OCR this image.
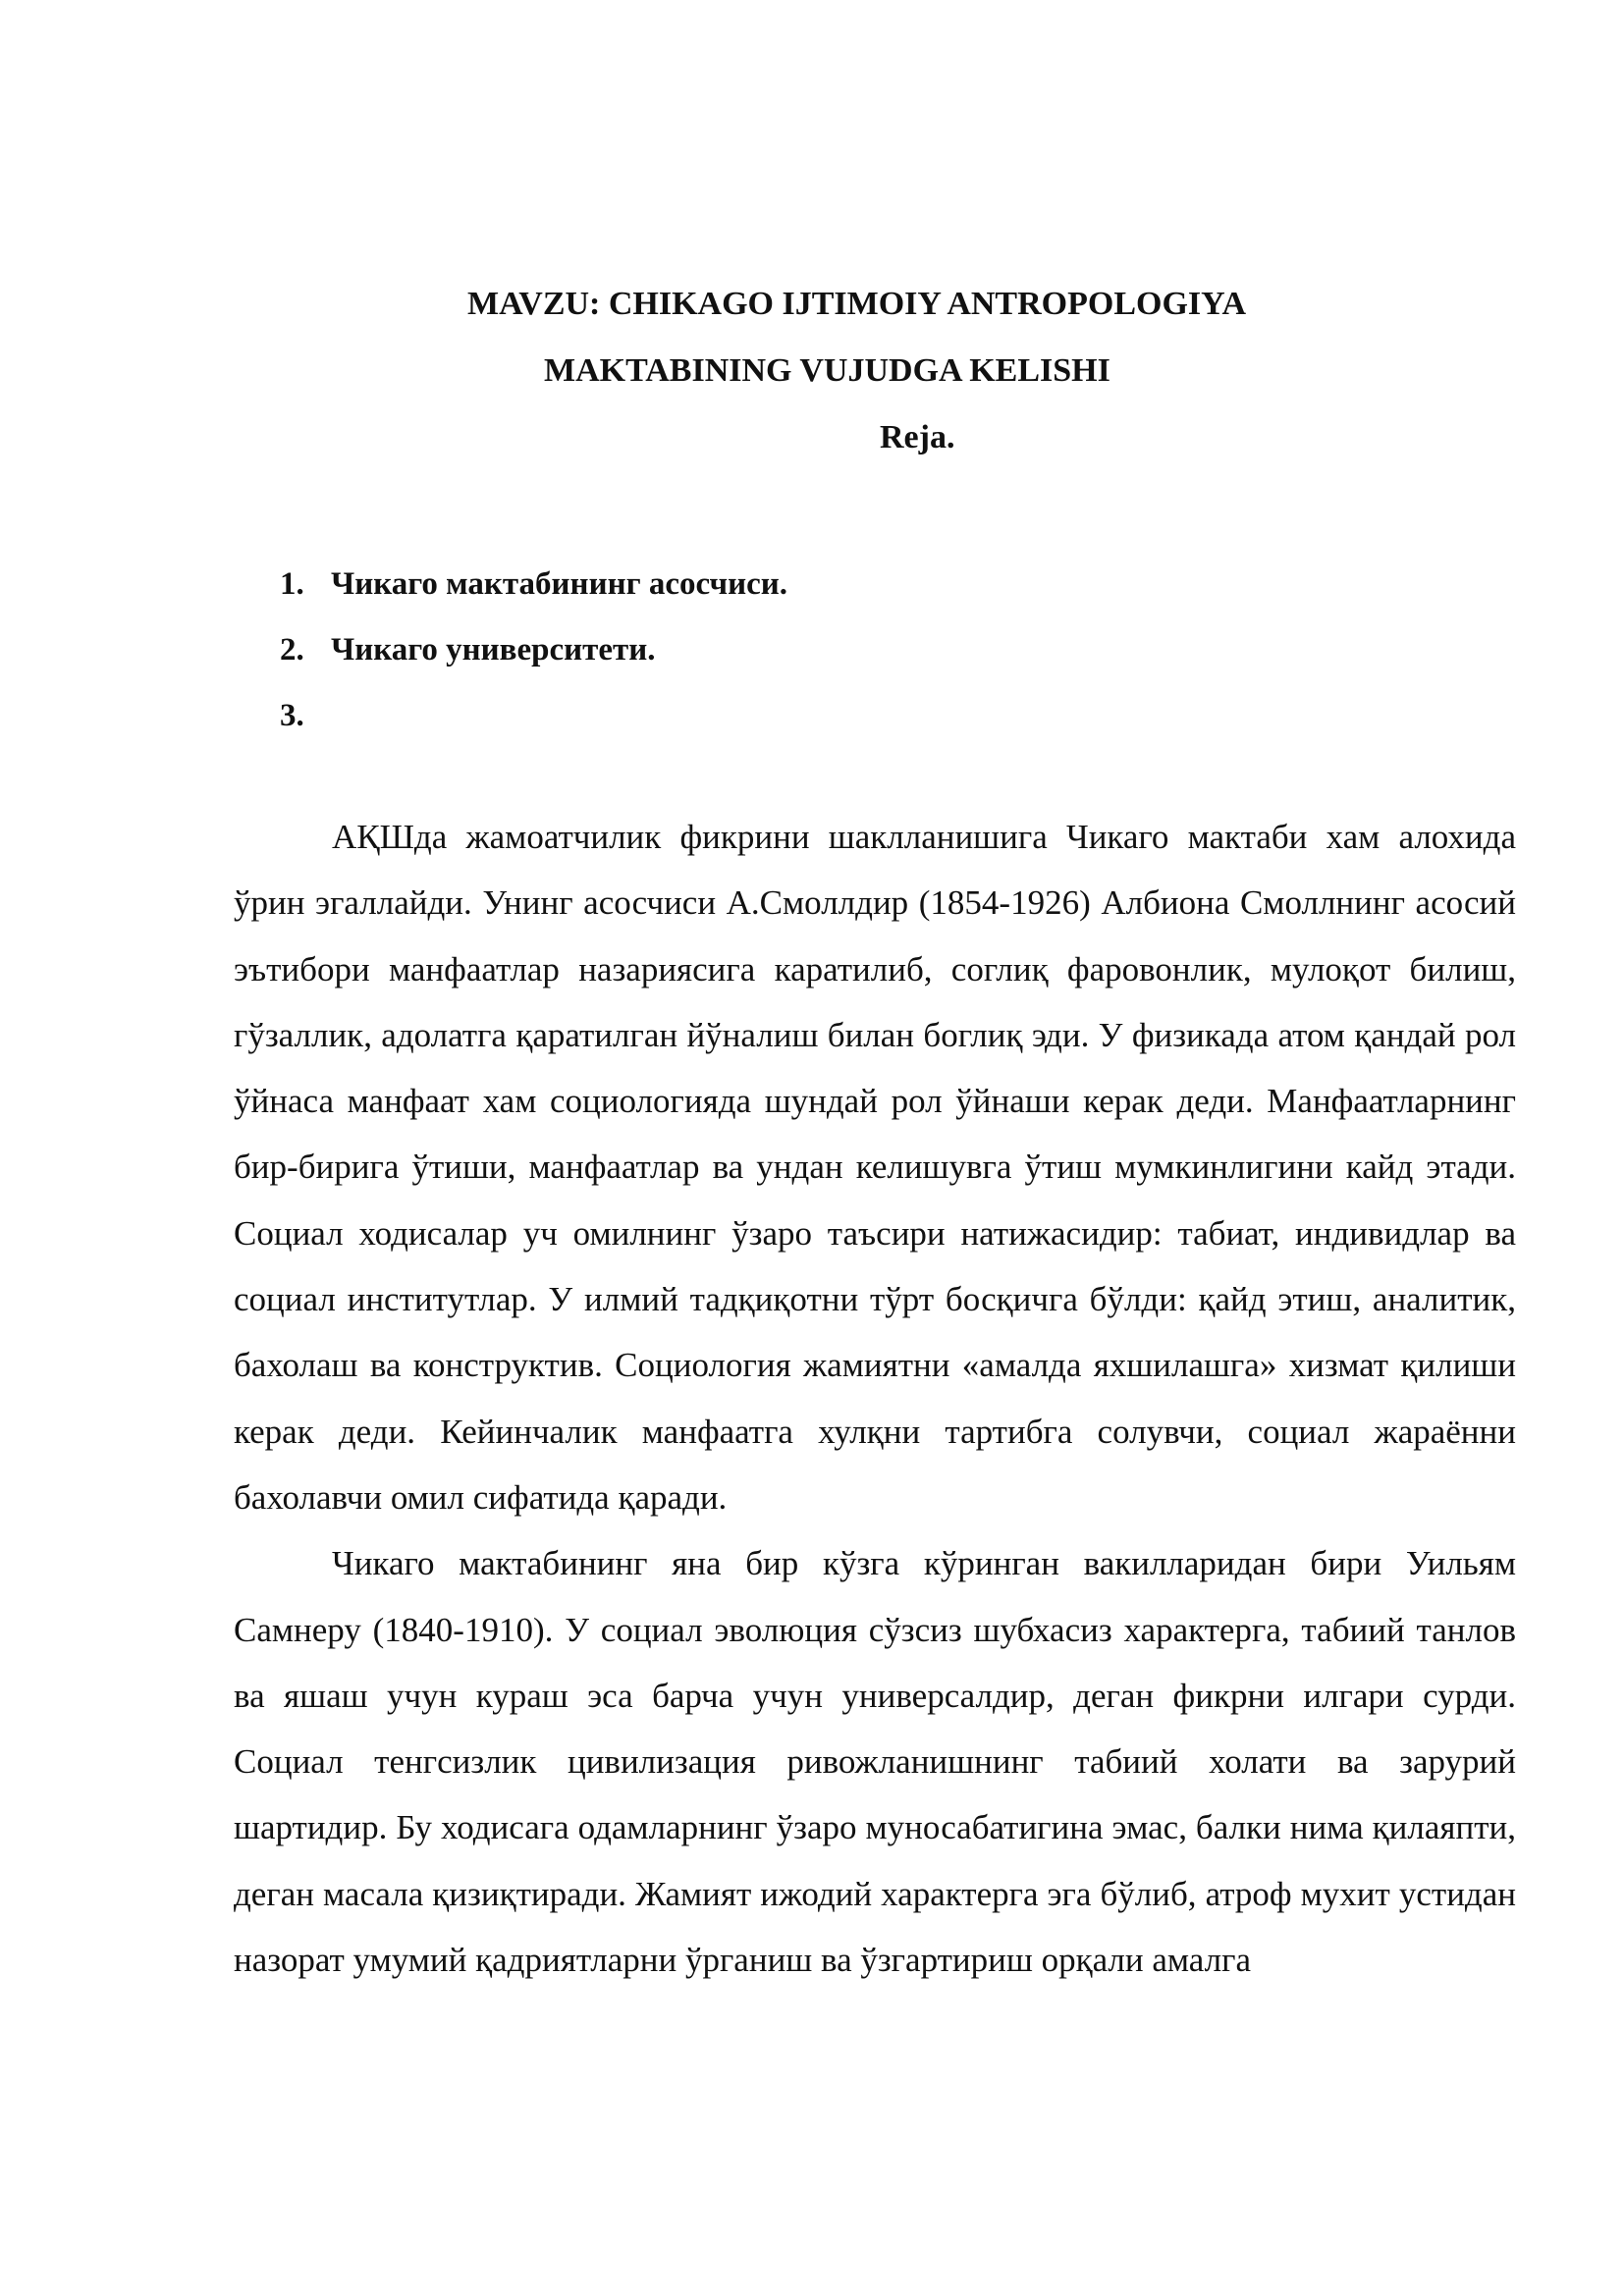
MAVZU: CHIKAGO IJTIMOIY ANTROPOLOGIYA
MAKTABINING VUJUDGA KELISHI
Reja.
1. Чикаго мактабининг асосчиси.
2. Чикаго университети.
3.

АҚШда жамоатчилик фикрини шаклланишига Чикаго мактаби хам алохида ўрин эгаллайди. Унинг асосчиси А.Смоллдир (1854-1926) Албиона Смоллнинг асосий эътибори манфаатлар назариясига каратилиб, соглиқ фаровонлик, мулоқот билиш, гўзаллик, адолатга қаратилган йўналиш билан боглиқ эди. У физикада атом қандай рол ўйнаса манфаат хам социологияда шундай рол ўйнаши керак деди. Манфаатларнинг бир-бирига ўтиши, манфаатлар ва ундан келишувга ўтиш мумкинлигини кайд этади. Социал ходисалар уч омилнинг ўзаро таъсири натижасидир: табиат, индивидлар ва социал институтлар. У илмий тадқиқотни тўрт босқичга бўлди: қайд этиш, аналитик, бахолаш ва конструктив. Социология жамиятни «амалда яхшилашга» хизмат қилиши керак деди. Кейинчалик манфаатга хулқни тартибга солувчи, социал жараённи бахолавчи омил сифатида қаради.

Чикаго мактабининг яна бир кўзга кўринган вакилларидан бири Уильям Самнеру (1840-1910). У социал эволюция сўзсиз шубхасиз характерга, табиий танлов ва яшаш учун кураш эса барча учун универсалдир, деган фикрни илгари сурди. Социал тенгсизлик цивилизация ривожланишнинг табиий холати ва зарурий шартидир. Бу ходисага одамларнинг ўзаро муносабатигина эмас, балки нима қилаяпти, деган масала қизиқтиради. Жамият ижодий характерга эга бўлиб, атроф мухит устидан назорат умумий қадриятларни ўрганиш ва ўзгартириш орқали амалга
